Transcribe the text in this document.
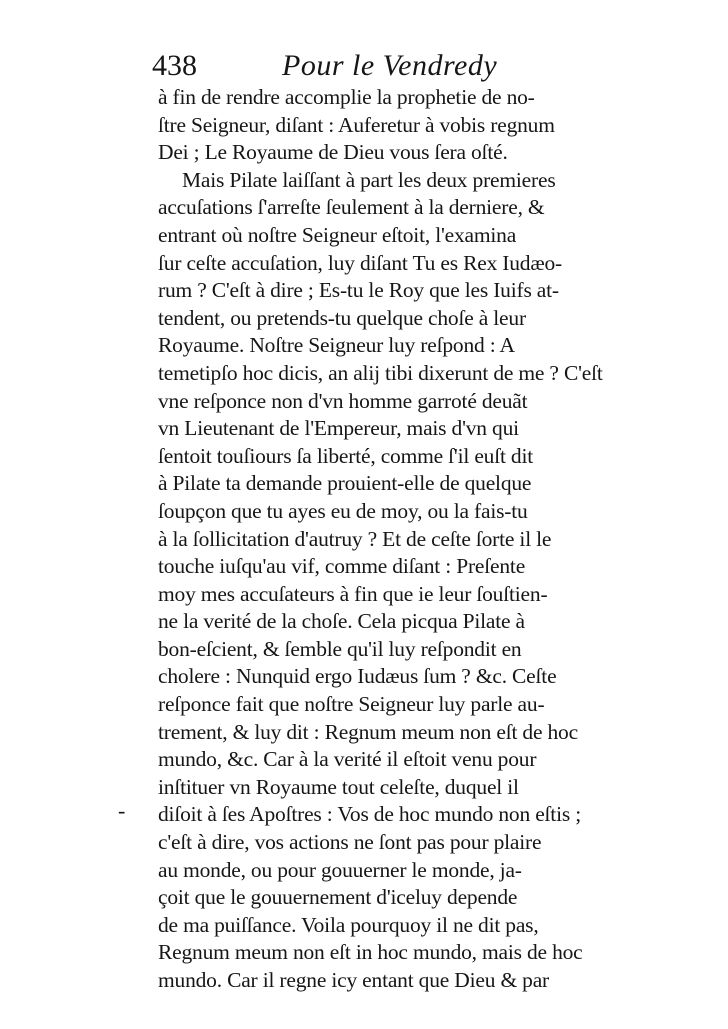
438	Pour le Vendredy
à fin de rendre accomplie la prophetie de no-
ſtre Seigneur, diſant : Auferetur à vobis regnum
Dei ; Le Royaume de Dieu vous ſera oſté.
Mais Pilate laiſſant à part les deux premieres
accuſations ſ'arreſte ſeulement à la derniere, &
entrant où noſtre Seigneur eſtoit, l'examina
ſur ceſte accuſation, luy diſant Tu es Rex Iudæo-
rum ? C'eſt à dire ; Es-tu le Roy que les Iuifs at-
tendent, ou pretends-tu quelque choſe à leur
Royaume. Noſtre Seigneur luy reſpond : A
temetipſo hoc dicis, an alij tibi dixerunt de me ? C'eſt
vne reſponce non d'vn homme garroté deuãt
vn Lieutenant de l'Empereur, mais d'vn qui
ſentoit touſiours ſa liberté, comme ſ'il euſt dit
à Pilate ta demande prouient-elle de quelque
ſoupçon que tu ayes eu de moy, ou la fais-tu
à la ſollicitation d'autruy ? Et de ceſte ſorte il le
touche iuſqu'au vif, comme diſant : Preſente
moy mes accuſateurs à fin que ie leur ſouſtien-
ne la verité de la choſe. Cela picqua Pilate à
bon-eſcient, & ſemble qu'il luy reſpondit en
cholere : Nunquid ergo Iudæus ſum ? &c. Ceſte
reſponce fait que noſtre Seigneur luy parle au-
trement, & luy dit : Regnum meum non eſt de hoc
mundo, &c. Car à la verité il eſtoit venu pour
inſtituer vn Royaume tout celeſte, duquel il
diſoit à ſes Apoſtres : Vos de hoc mundo non eſtis ;
c'eſt à dire, vos actions ne ſont pas pour plaire
au monde, ou pour gouuerner le monde, ja-
çoit que le gouuernement d'iceluy depende
de ma puiſſance. Voila pourquoy il ne dit pas,
Regnum meum non eſt in hoc mundo, mais de hoc
mundo. Car il regne icy entant que Dieu & par
-
